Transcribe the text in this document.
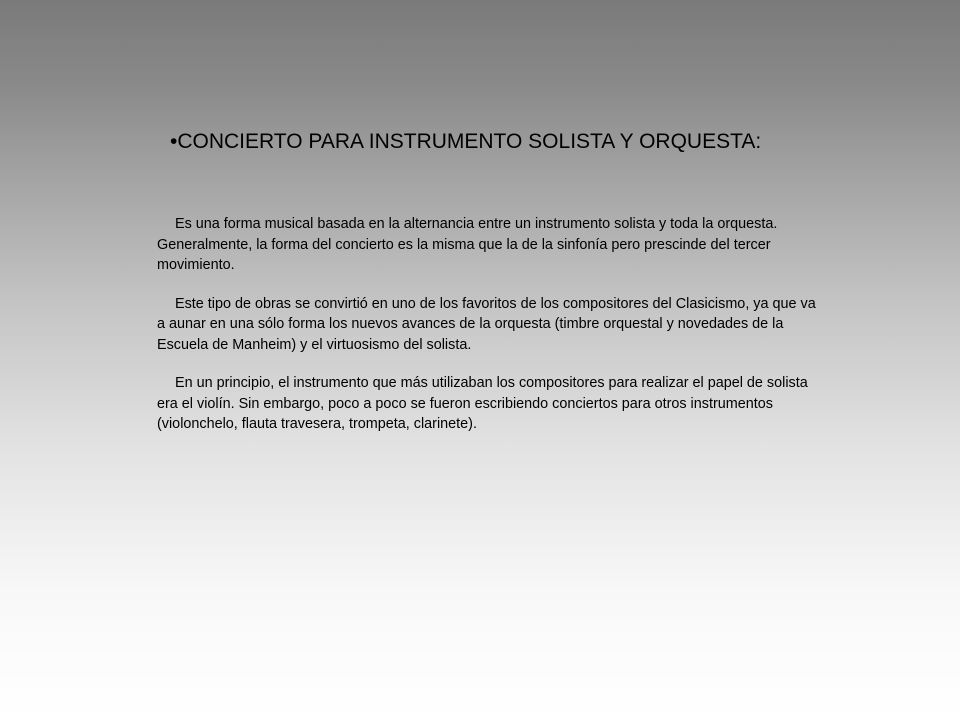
•CONCIERTO PARA INSTRUMENTO SOLISTA Y ORQUESTA:

Es una forma musical basada en la alternancia entre un instrumento solista y toda la orquesta. Generalmente, la forma del concierto es la misma que la de la sinfonía pero prescinde del tercer movimiento.

Este tipo de obras se convirtió en uno de los favoritos de los compositores del Clasicismo, ya que va a aunar en una sólo forma los nuevos avances de la orquesta (timbre orquestal y novedades de la Escuela de Manheim) y el virtuosismo del solista.

En un principio, el instrumento que más utilizaban los compositores para realizar el papel de solista era el violín. Sin embargo, poco a poco se fueron escribiendo conciertos para otros instrumentos (violonchelo, flauta travesera, trompeta, clarinete).
